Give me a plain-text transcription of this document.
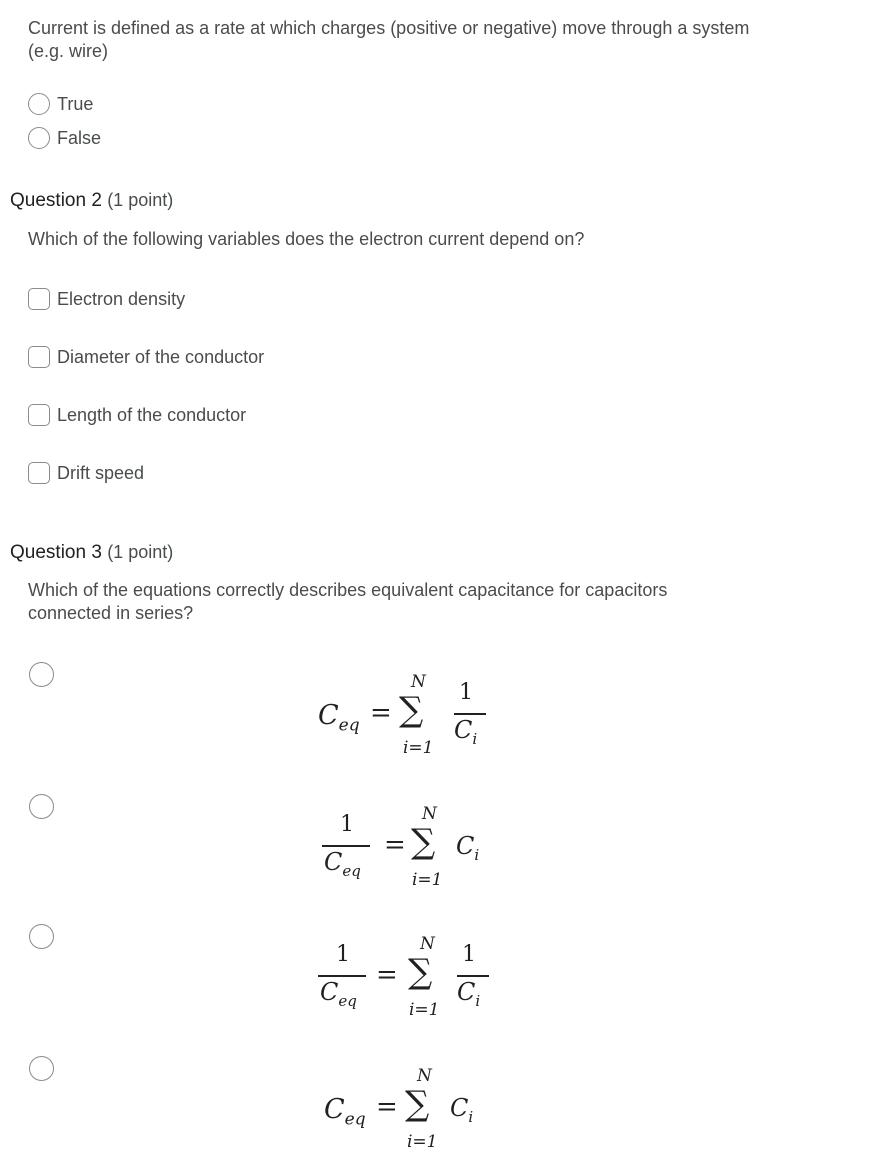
Current is defined as a rate at which charges (positive or negative) move through a system (e.g. wire)
True
False
Question 2 (1 point)
Which of the following variables does the electron current depend on?
Electron density
Diameter of the conductor
Length of the conductor
Drift speed
Question 3 (1 point)
Which of the equations correctly describes equivalent capacitance for capacitors connected in series?
$C_{eq}$ =
N
∑
i=1
1
$C_i$
1
$C_{eq}$
=
N
∑
i=1
$C_i$
1
$C_{eq}$
=
N
∑
i=1
1
$C_i$
$C_{eq}$ =
N
∑
i=1
$C_i$
